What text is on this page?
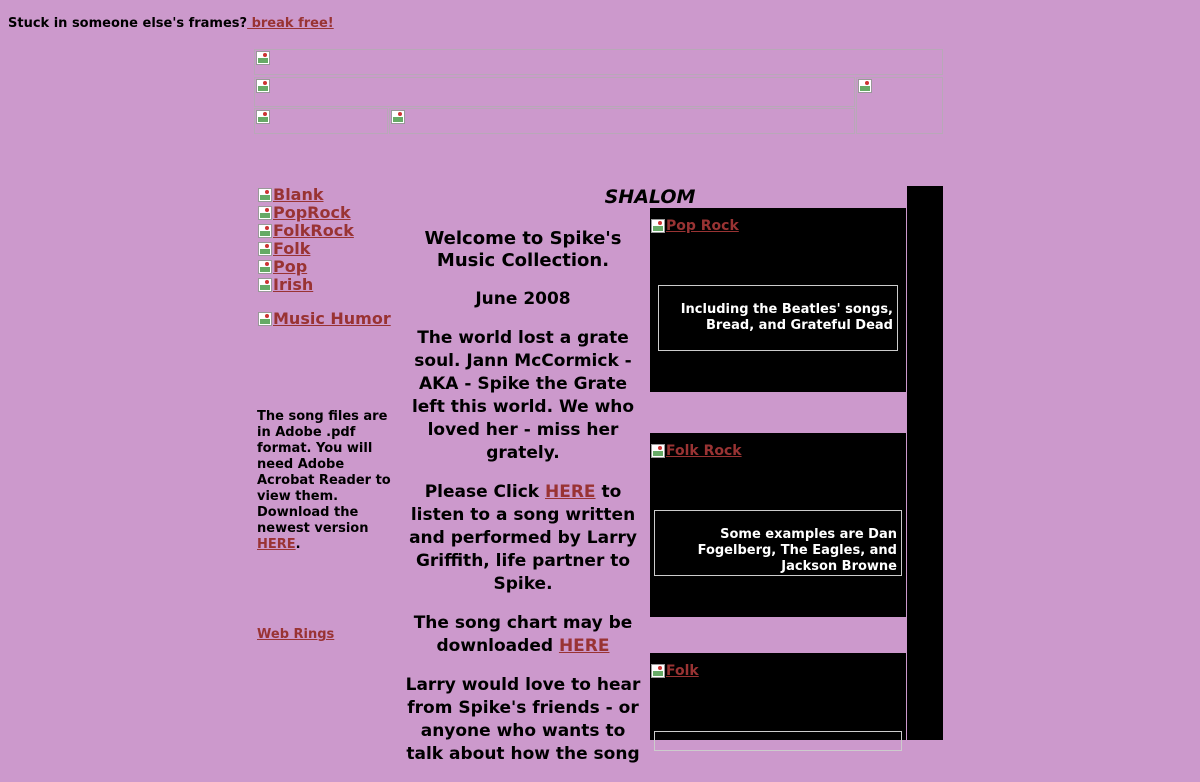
Stuck in someone else's frames? break free!
Blank
PopRock
FolkRock
Folk
Pop
Irish
Music Humor
The song files are in Adobe .pdf format. You will need Adobe Acrobat Reader to view them. Download the newest version HERE.
Web Rings
SHALOM

Welcome to Spike's Music Collection.

June 2008

The world lost a grate soul. Jann McCormick - AKA - Spike the Grate left this world. We who loved her - miss her grately.

Please Click HERE to listen to a song written and performed by Larry Griffith, life partner to Spike.

The song chart may be downloaded HERE

Larry would love to hear from Spike's friends - or anyone who wants to talk about how the song

Pop Rock
Including the Beatles' songs, Bread, and Grateful Dead
Folk Rock
Some examples are Dan Fogelberg, The Eagles, and Jackson Browne
Folk
